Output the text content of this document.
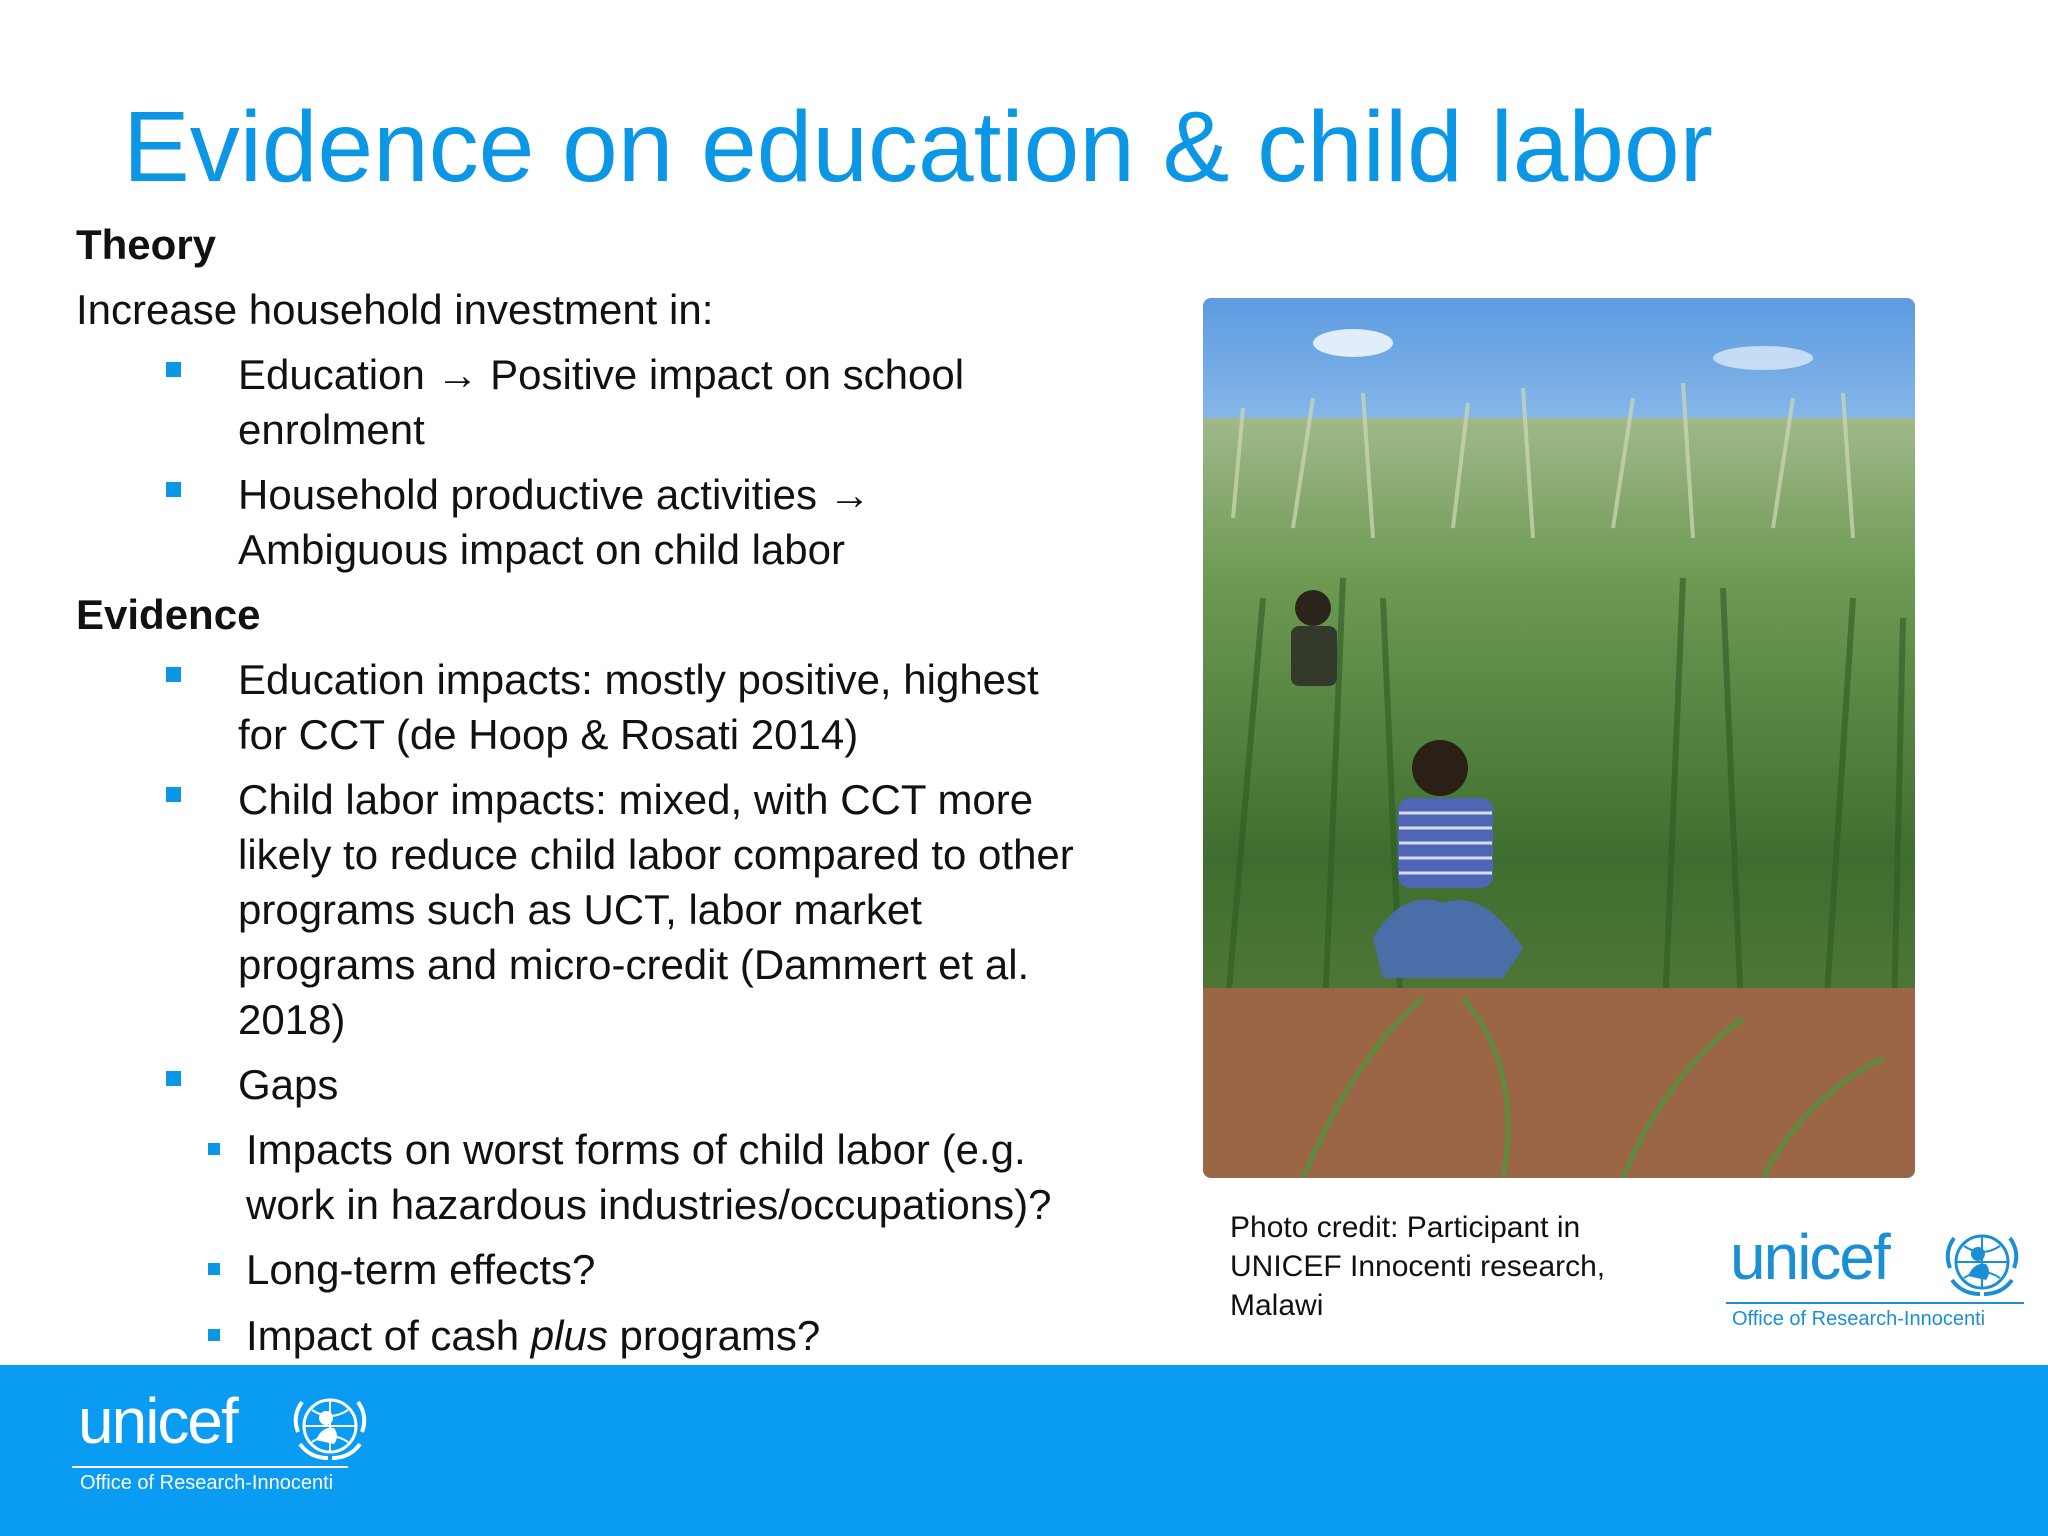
Evidence on education & child labor
Theory
Increase household investment in:
Education → Positive impact on school
enrolment
Household productive activities →
Ambiguous impact on child labor
Evidence
Education impacts: mostly positive, highest
for CCT (de Hoop & Rosati 2014)
Child labor impacts: mixed, with CCT more
likely to reduce child labor compared to other
programs such as UCT, labor market
programs and micro-credit (Dammert et al.
2018)
Gaps
Impacts on worst forms of child labor (e.g.
work in hazardous industries/occupations)?
Long-term effects?
Impact of cash plus programs?
Photo credit: Participant in
UNICEF Innocenti research,
Malawi
unicef
Office of Research-Innocenti
unicef
Office of Research-Innocenti
